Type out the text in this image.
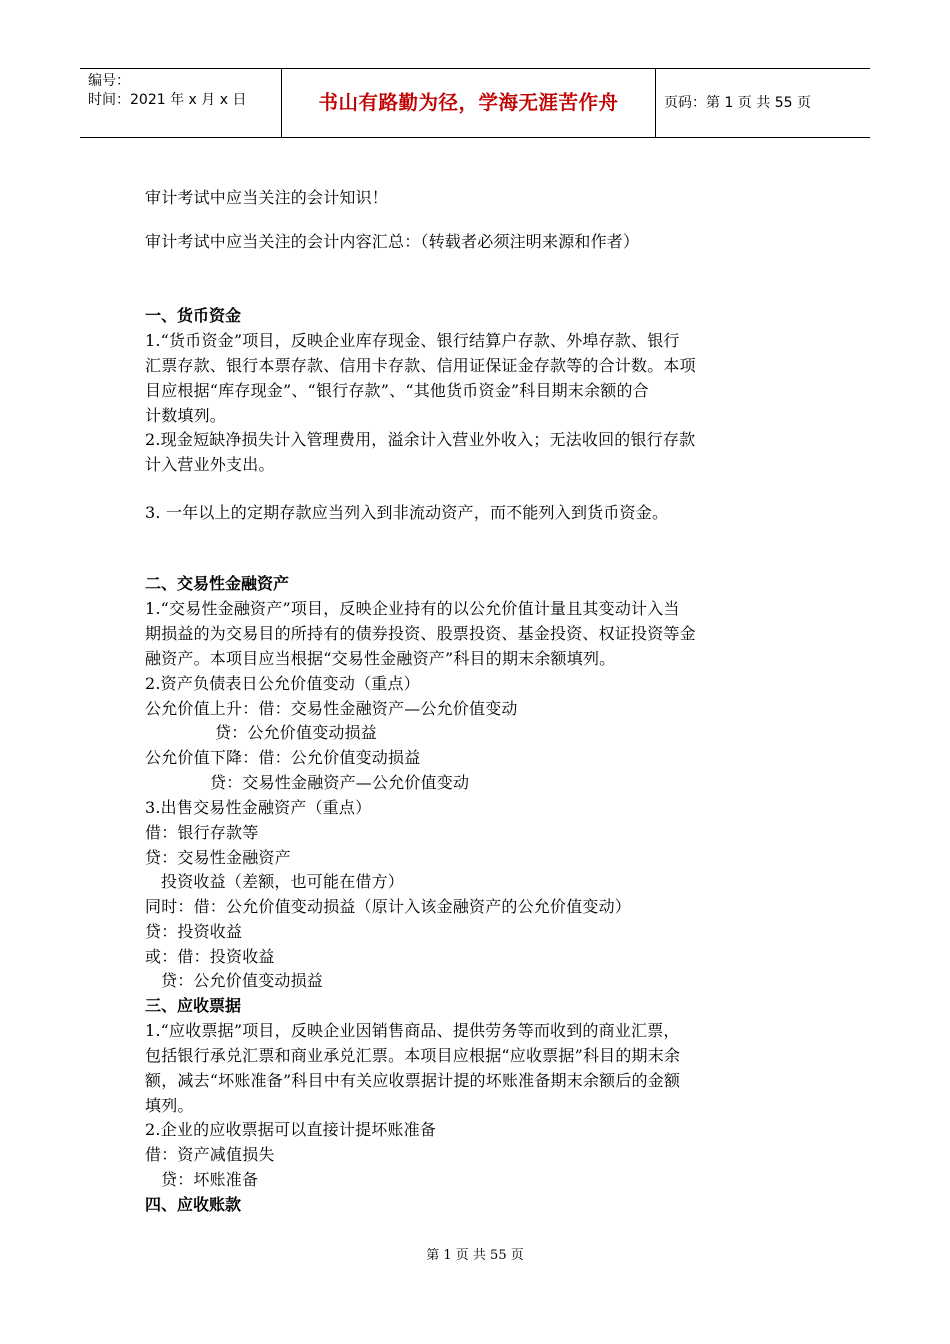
编号：
时间：2021 年 x 月 x 日	书山有路勤为径，学海无涯苦作舟	页码：第 1 页 共 55 页
审计考试中应当关注的会计知识！
审计考试中应当关注的会计内容汇总：（转载者必须注明来源和作者）
一、货币资金
1.“货币资金”项目，反映企业库存现金、银行结算户存款、外埠存款、银行
汇票存款、银行本票存款、信用卡存款、信用证保证金存款等的合计数。本项
目应根据“库存现金”、“银行存款”、“其他货币资金”科目期末余额的合
计数填列。
2.现金短缺净损失计入管理费用，溢余计入营业外收入；无法收回的银行存款
计入营业外支出。
3. 一年以上的定期存款应当列入到非流动资产，而不能列入到货币资金。
二、交易性金融资产
1.“交易性金融资产”项目，反映企业持有的以公允价值计量且其变动计入当
期损益的为交易目的所持有的债券投资、股票投资、基金投资、权证投资等金
融资产。本项目应当根据“交易性金融资产”科目的期末余额填列。
2.资产负债表日公允价值变动（重点）
公允价值上升：借：交易性金融资产—公允价值变动
贷：公允价值变动损益
公允价值下降：借：公允价值变动损益
贷：交易性金融资产—公允价值变动
3.出售交易性金融资产（重点）
借：银行存款等
贷：交易性金融资产
投资收益（差额，也可能在借方）
同时：借：公允价值变动损益（原计入该金融资产的公允价值变动）
贷：投资收益
或：借：投资收益
贷：公允价值变动损益
三、应收票据
1.“应收票据”项目，反映企业因销售商品、提供劳务等而收到的商业汇票，
包括银行承兑汇票和商业承兑汇票。本项目应根据“应收票据”科目的期末余
额，减去“坏账准备”科目中有关应收票据计提的坏账准备期末余额后的金额
填列。
2.企业的应收票据可以直接计提坏账准备
借：资产减值损失
贷：坏账准备
四、应收账款
第 1 页 共 55 页
